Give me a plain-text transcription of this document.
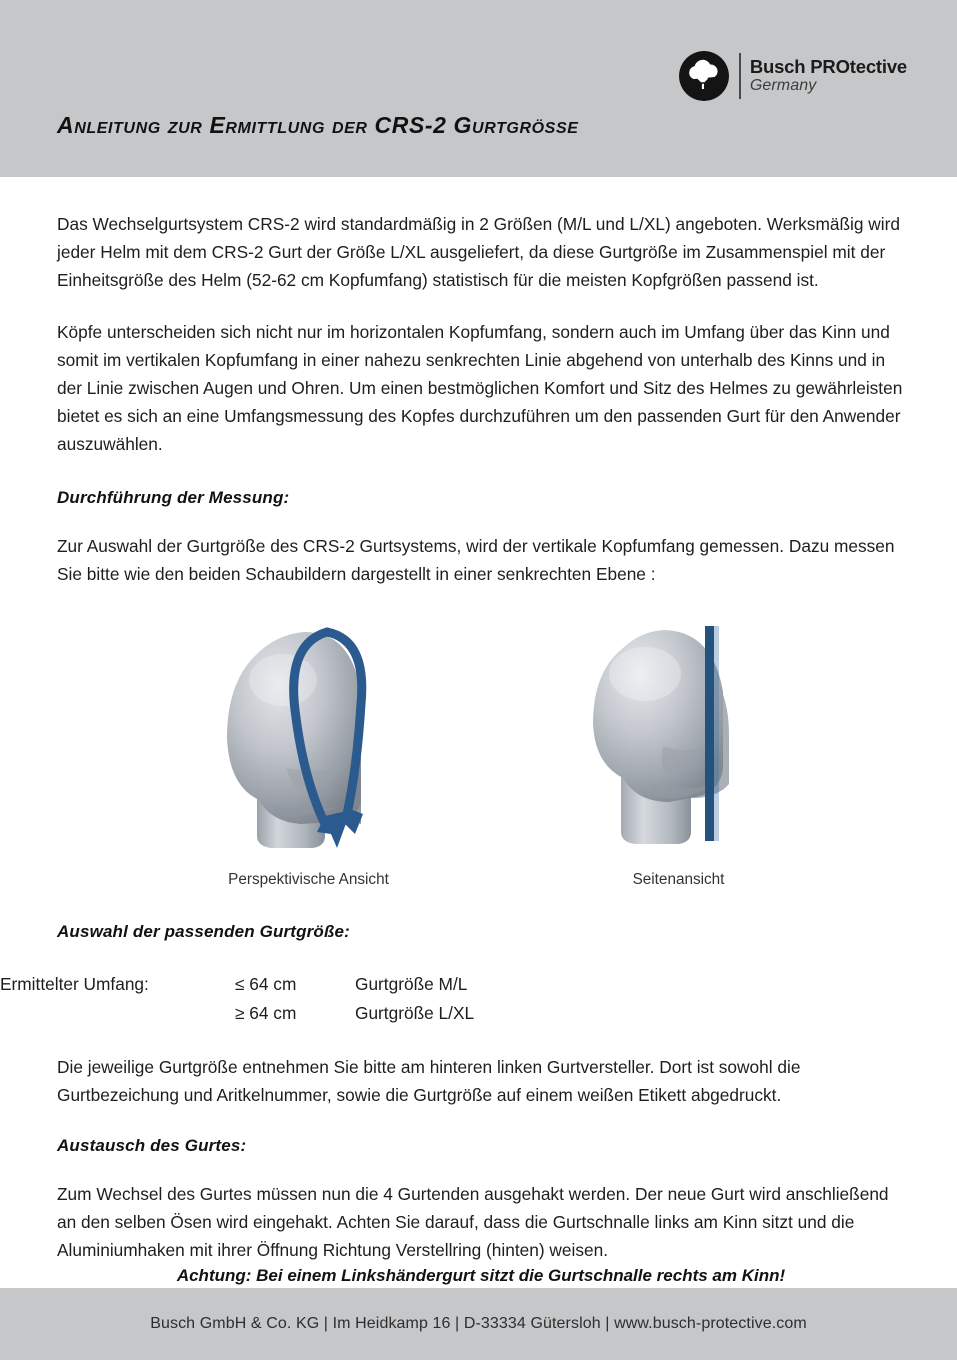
Busch PROtective
Germany
Anleitung zur Ermittlung der CRS-2 Gurtgrösse

Das Wechselgurtsystem CRS-2 wird standardmäßig in 2 Größen (M/L und L/XL) angeboten. Werksmäßig wird jeder Helm mit dem CRS-2 Gurt der Größe L/XL ausgeliefert, da diese Gurtgröße im Zusammenspiel mit der Einheitsgröße des Helm (52-62 cm Kopfumfang) statistisch für die meisten Kopfgrößen passend ist.

Köpfe unterscheiden sich nicht nur im horizontalen Kopfumfang, sondern auch im Umfang über das Kinn und somit im vertikalen Kopfumfang in einer nahezu senkrechten Linie abgehend von unterhalb des Kinns und in der Linie zwischen Augen und Ohren. Um einen bestmöglichen Komfort und Sitz des Helmes zu gewährleisten bietet es sich an eine Umfangsmessung des Kopfes durchzuführen um den passenden Gurt für den Anwender auszuwählen.

Durchführung der Messung:

Zur Auswahl der Gurtgröße des CRS-2 Gurtsystems, wird der vertikale Kopfumfang gemessen. Dazu messen Sie bitte wie den beiden Schaubildern dargestellt in einer senkrechten Ebene :

Perspektivische Ansicht	Seitenansicht
Auswahl der passenden Gurtgröße:
Ermittelter Umfang:	≤ 64 cm	Gurtgröße M/L
	≥ 64 cm	Gurtgröße L/XL

Die jeweilige Gurtgröße entnehmen Sie bitte am hinteren linken Gurtversteller. Dort ist sowohl die Gurtbezeichung und Aritkelnummer, sowie die Gurtgröße auf einem weißen Etikett abgedruckt.

Austausch des Gurtes:

Zum Wechsel des Gurtes müssen nun die 4 Gurtenden ausgehakt werden. Der neue Gurt wird anschließend an den selben Ösen wird eingehakt. Achten Sie darauf, dass die Gurtschnalle links am Kinn sitzt und die Aluminiumhaken mit ihrer Öffnung Richtung Verstellring (hinten) weisen.

Achtung: Bei einem Linkshändergurt sitzt die Gurtschnalle rechts am Kinn!

Busch GmbH & Co. KG | Im Heidkamp 16 | D-33334 Gütersloh | www.busch-protective.com
